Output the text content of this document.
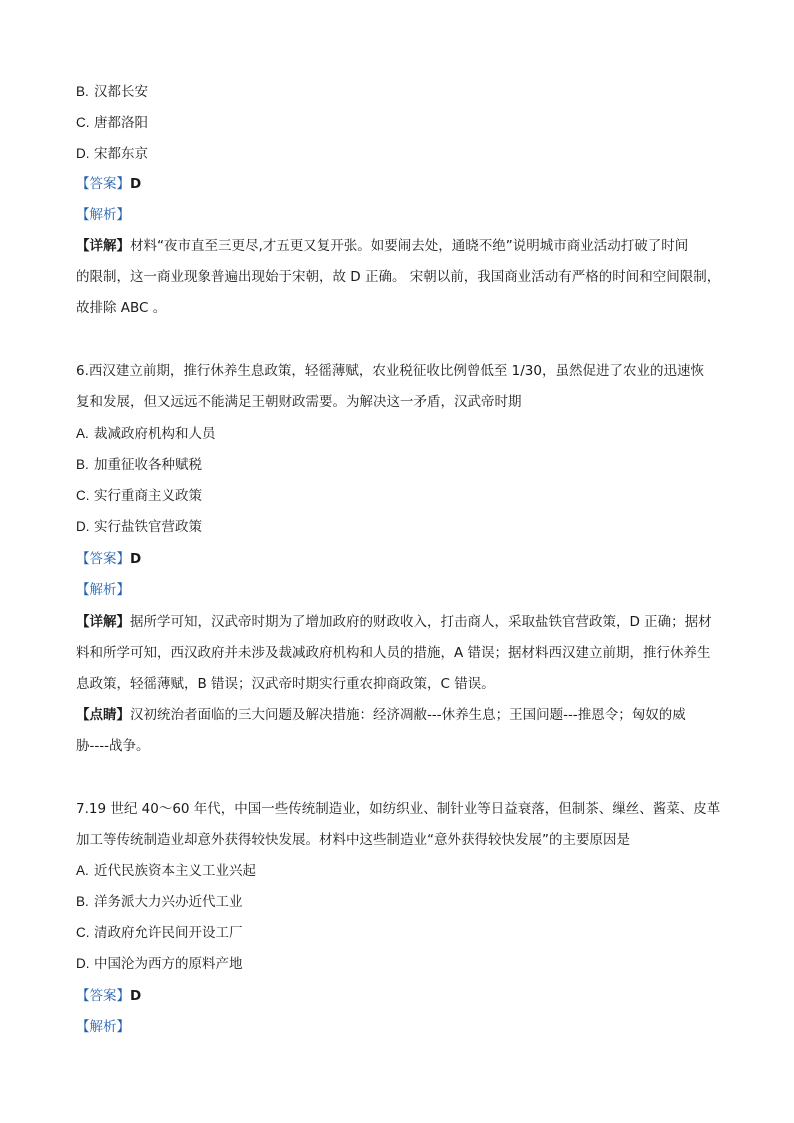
B. 汉都长安
C. 唐都洛阳
D. 宋都东京
【答案】D
【解析】
【详解】材料“夜市直至三更尽,才五更又复开张。如要闹去处，通晓不绝”说明城市商业活动打破了时间
的限制，这一商业现象普遍出现始于宋朝，故 D 正确。 宋朝以前，我国商业活动有严格的时间和空间限制，
故排除 ABC 。
6.西汉建立前期，推行休养生息政策，轻徭薄赋，农业税征收比例曾低至 1/30，虽然促进了农业的迅速恢
复和发展，但又远远不能满足王朝财政需要。为解决这一矛盾，汉武帝时期
A. 裁减政府机构和人员
B. 加重征收各种赋税
C. 实行重商主义政策
D. 实行盐铁官营政策
【答案】D
【解析】
【详解】据所学可知，汉武帝时期为了增加政府的财政收入，打击商人，采取盐铁官营政策，D 正确；据材
料和所学可知，西汉政府并未涉及裁减政府机构和人员的措施，A 错误；据材料西汉建立前期，推行休养生
息政策，轻徭薄赋，B 错误；汉武帝时期实行重农抑商政策，C 错误。
【点睛】汉初统治者面临的三大问题及解决措施：经济凋敝---休养生息；王国问题---推恩令；匈奴的威
胁----战争。
7.19 世纪 40～60 年代，中国一些传统制造业，如纺织业、制针业等日益衰落，但制茶、缫丝、酱菜、皮革
加工等传统制造业却意外获得较快发展。材料中这些制造业“意外获得较快发展”的主要原因是
A. 近代民族资本主义工业兴起
B. 洋务派大力兴办近代工业
C. 清政府允许民间开设工厂
D. 中国沦为西方的原料产地
【答案】D
【解析】
